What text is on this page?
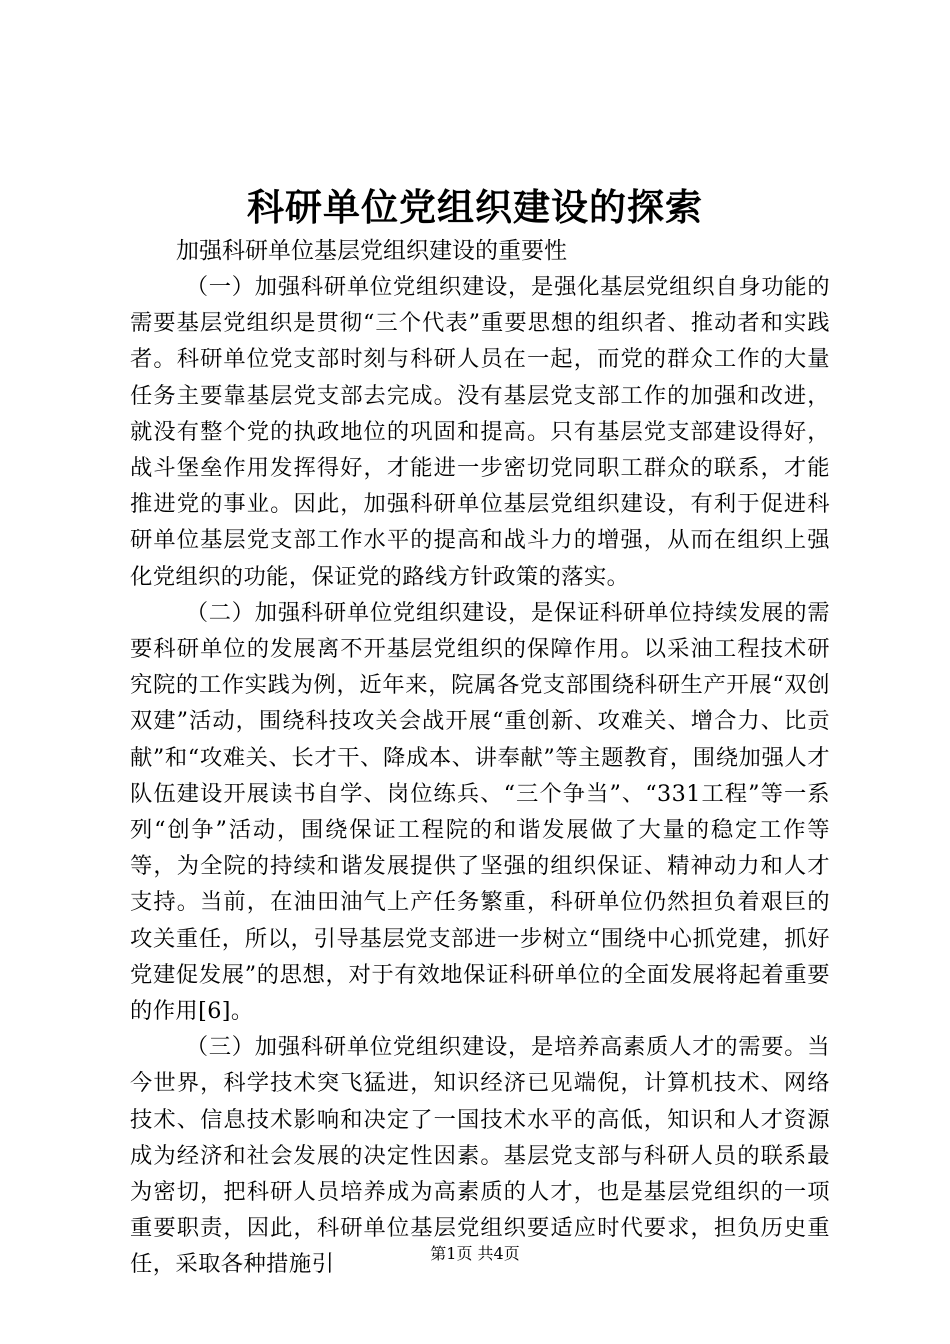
科研单位党组织建设的探索

加强科研单位基层党组织建设的重要性

（一）加强科研单位党组织建设，是强化基层党组织自身功能的需要基层党组织是贯彻“三个代表”重要思想的组织者、推动者和实践者。科研单位党支部时刻与科研人员在一起，而党的群众工作的大量任务主要靠基层党支部去完成。没有基层党支部工作的加强和改进，就没有整个党的执政地位的巩固和提高。只有基层党支部建设得好，战斗堡垒作用发挥得好，才能进一步密切党同职工群众的联系，才能推进党的事业。因此，加强科研单位基层党组织建设，有利于促进科研单位基层党支部工作水平的提高和战斗力的增强，从而在组织上强化党组织的功能，保证党的路线方针政策的落实。

（二）加强科研单位党组织建设，是保证科研单位持续发展的需要科研单位的发展离不开基层党组织的保障作用。以采油工程技术研究院的工作实践为例，近年来，院属各党支部围绕科研生产开展“双创双建”活动，围绕科技攻关会战开展“重创新、攻难关、增合力、比贡献”和“攻难关、长才干、降成本、讲奉献”等主题教育，围绕加强人才队伍建设开展读书自学、岗位练兵、“三个争当”、“331工程”等一系列“创争”活动，围绕保证工程院的和谐发展做了大量的稳定工作等等，为全院的持续和谐发展提供了坚强的组织保证、精神动力和人才支持。当前，在油田油气上产任务繁重，科研单位仍然担负着艰巨的攻关重任，所以，引导基层党支部进一步树立“围绕中心抓党建，抓好党建促发展”的思想，对于有效地保证科研单位的全面发展将起着重要的作用[6]。

（三）加强科研单位党组织建设，是培养高素质人才的需要。当今世界，科学技术突飞猛进，知识经济已见端倪，计算机技术、网络技术、信息技术影响和决定了一国技术水平的高低，知识和人才资源成为经济和社会发展的决定性因素。基层党支部与科研人员的联系最为密切，把科研人员培养成为高素质的人才，也是基层党组织的一项重要职责，因此，科研单位基层党组织要适应时代要求，担负历史重任，采取各种措施引	第1页 共4页
